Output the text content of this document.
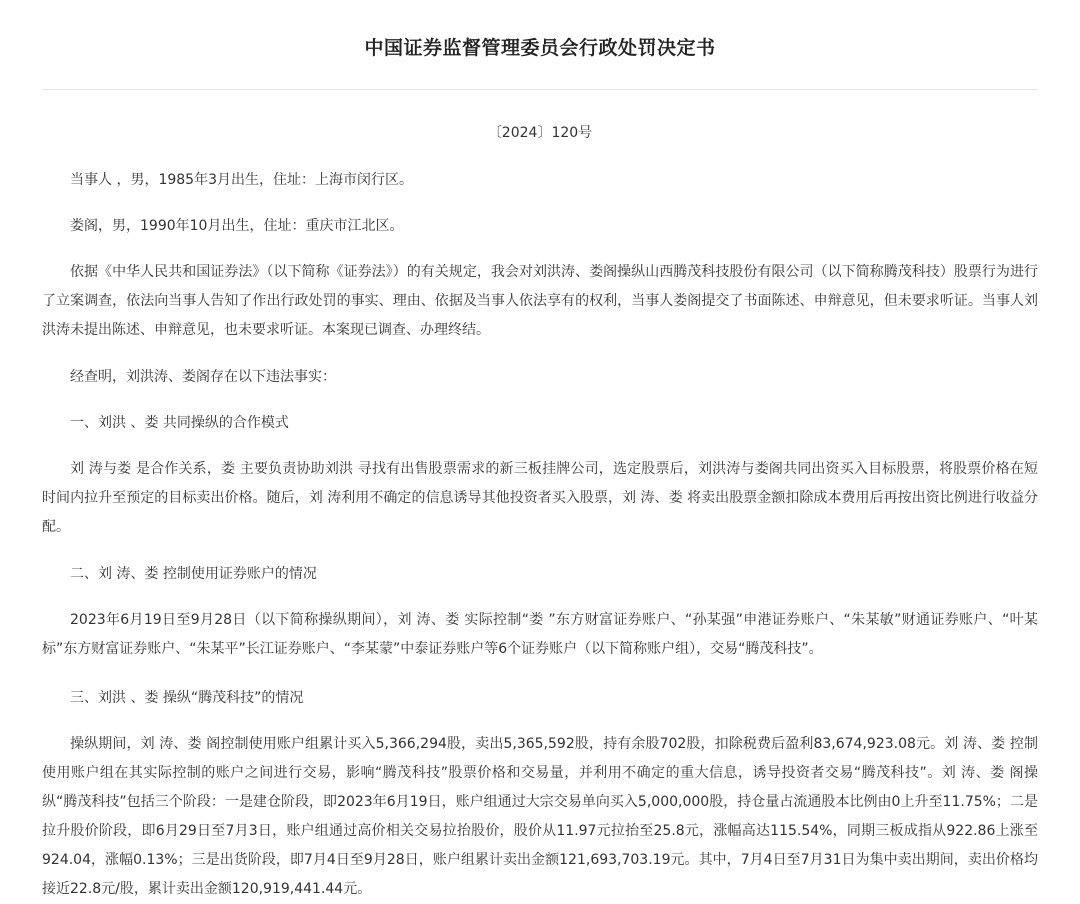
中国证券监督管理委员会行政处罚决定书
〔2024〕120号
当事人 ，男，1985年3月出生，住址：上海市闵行区。
娄阁，男，1990年10月出生，住址：重庆市江北区。
依据《中华人民共和国证券法》（以下简称《证券法》）的有关规定，我会对刘洪涛、娄阁操纵山西腾茂科技股份有限公司（以下简称腾茂科技）股票行为进行了立案调查，依法向当事人告知了作出行政处罚的事实、理由、依据及当事人依法享有的权利，当事人娄阁提交了书面陈述、申辩意见，但未要求听证。当事人刘洪涛未提出陈述、申辩意见，也未要求听证。本案现已调查、办理终结。
经查明，刘洪涛、娄阁存在以下违法事实：
一、刘洪 、娄 共同操纵的合作模式
刘 涛与娄 是合作关系，娄 主要负责协助刘洪 寻找有出售股票需求的新三板挂牌公司，选定股票后，刘洪涛与娄阁共同出资买入目标股票，将股票价格在短时间内拉升至预定的目标卖出价格。随后，刘 涛利用不确定的信息诱导其他投资者买入股票，刘 涛、娄 将卖出股票金额扣除成本费用后再按出资比例进行收益分配。
二、刘 涛、娄 控制使用证券账户的情况
2023年6月19日至9月28日（以下简称操纵期间），刘 涛、娄 实际控制“娄 ”东方财富证券账户、“孙某强”申港证券账户、“朱某敏”财通证券账户、“叶某标”东方财富证券账户、“朱某平”长江证券账户、“李某蒙”中泰证券账户等6个证券账户（以下简称账户组），交易“腾茂科技”。
三、刘洪 、娄 操纵“腾茂科技”的情况
操纵期间，刘 涛、娄 阁控制使用账户组累计买入5,366,294股，卖出5,365,592股，持有余股702股，扣除税费后盈利83,674,923.08元。刘 涛、娄 控制使用账户组在其实际控制的账户之间进行交易，影响“腾茂科技”股票价格和交易量，并利用不确定的重大信息，诱导投资者交易“腾茂科技”。刘 涛、娄 阁操纵“腾茂科技”包括三个阶段：一是建仓阶段，即2023年6月19日，账户组通过大宗交易单向买入5,000,000股，持仓量占流通股本比例由0上升至11.75%；二是拉升股价阶段，即6月29日至7月3日，账户组通过高价相关交易拉抬股价，股价从11.97元拉抬至25.8元，涨幅高达115.54%，同期三板成指从922.86上涨至924.04，涨幅0.13%；三是出货阶段，即7月4日至9月28日，账户组累计卖出金额121,693,703.19元。其中，7月4日至7月31日为集中卖出期间，卖出价格均接近22.8元/股，累计卖出金额120,919,441.44元。
